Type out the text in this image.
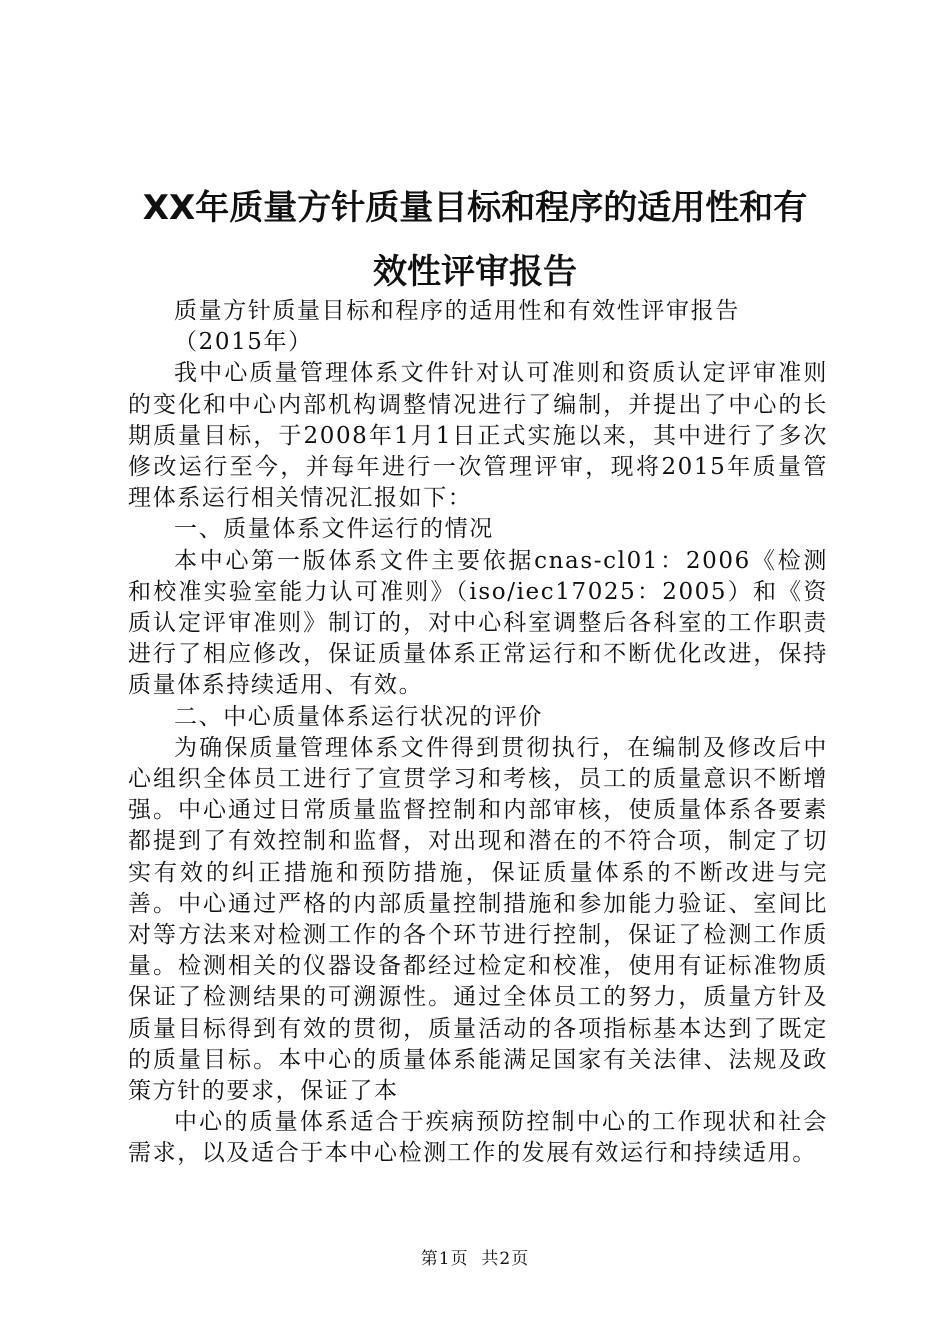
XX年质量方针质量目标和程序的适用性和有
效性评审报告

质量方针质量目标和程序的适用性和有效性评审报告

（2015年）

我中心质量管理体系文件针对认可准则和资质认定评审准则的变化和中心内部机构调整情况进行了编制，并提出了中心的长期质量目标，于2008年1月1日正式实施以来，其中进行了多次修改运行至今，并每年进行一次管理评审，现将2015年质量管理体系运行相关情况汇报如下：

一、质量体系文件运行的情况

本中心第一版体系文件主要依据cnas-cl01：2006《检测和校准实验室能力认可准则》（iso/iec17025：2005）和《资质认定评审准则》制订的，对中心科室调整后各科室的工作职责进行了相应修改，保证质量体系正常运行和不断优化改进，保持质量体系持续适用、有效。

二、中心质量体系运行状况的评价

为确保质量管理体系文件得到贯彻执行，在编制及修改后中心组织全体员工进行了宣贯学习和考核，员工的质量意识不断增强。中心通过日常质量监督控制和内部审核，使质量体系各要素都提到了有效控制和监督，对出现和潜在的不符合项，制定了切实有效的纠正措施和预防措施，保证质量体系的不断改进与完善。中心通过严格的内部质量控制措施和参加能力验证、室间比对等方法来对检测工作的各个环节进行控制，保证了检测工作质量。检测相关的仪器设备都经过检定和校准，使用有证标准物质保证了检测结果的可溯源性。通过全体员工的努力，质量方针及质量目标得到有效的贯彻，质量活动的各项指标基本达到了既定的质量目标。本中心的质量体系能满足国家有关法律、法规及政策方针的要求，保证了本

中心的质量体系适合于疾病预防控制中心的工作现状和社会需求，以及适合于本中心检测工作的发展有效运行和持续适用。

第1页  共2页
